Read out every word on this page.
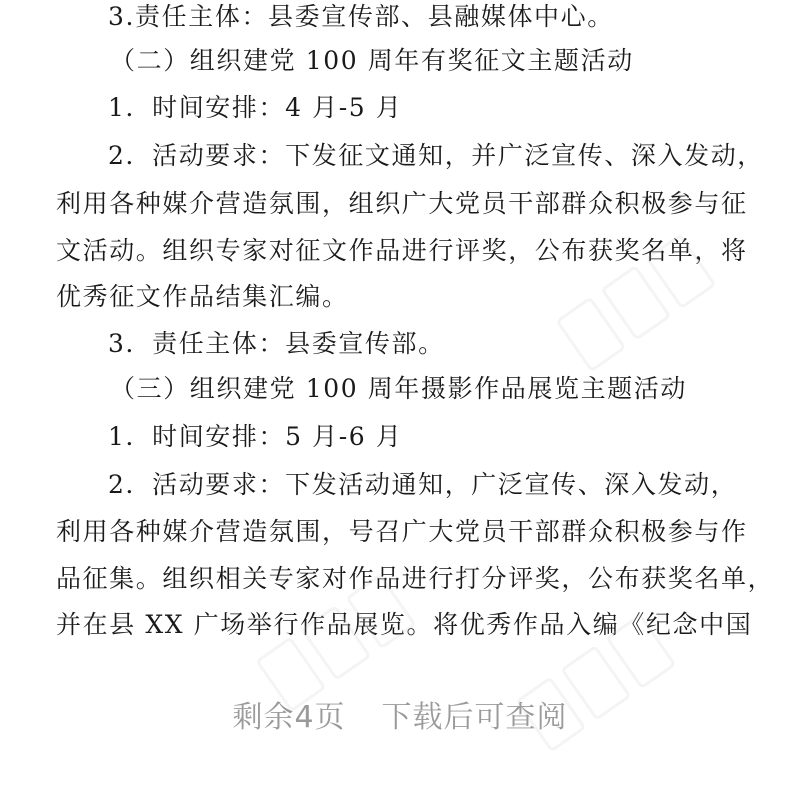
3.责任主体：县委宣传部、县融媒体中心。
（二）组织建党 100 周年有奖征文主题活动
1．时间安排：4 月-5 月
2．活动要求：下发征文通知，并广泛宣传、深入发动，
利用各种媒介营造氛围，组织广大党员干部群众积极参与征
文活动。组织专家对征文作品进行评奖，公布获奖名单，将
优秀征文作品结集汇编。
3．责任主体：县委宣传部。
（三）组织建党 100 周年摄影作品展览主题活动
1．时间安排：5 月-6 月
2．活动要求：下发活动通知，广泛宣传、深入发动，
利用各种媒介营造氛围，号召广大党员干部群众积极参与作
品征集。组织相关专家对作品进行打分评奖，公布获奖名单，
并在县 XX 广场举行作品展览。将优秀作品入编《纪念中国
剩余4页 下载后可查阅
